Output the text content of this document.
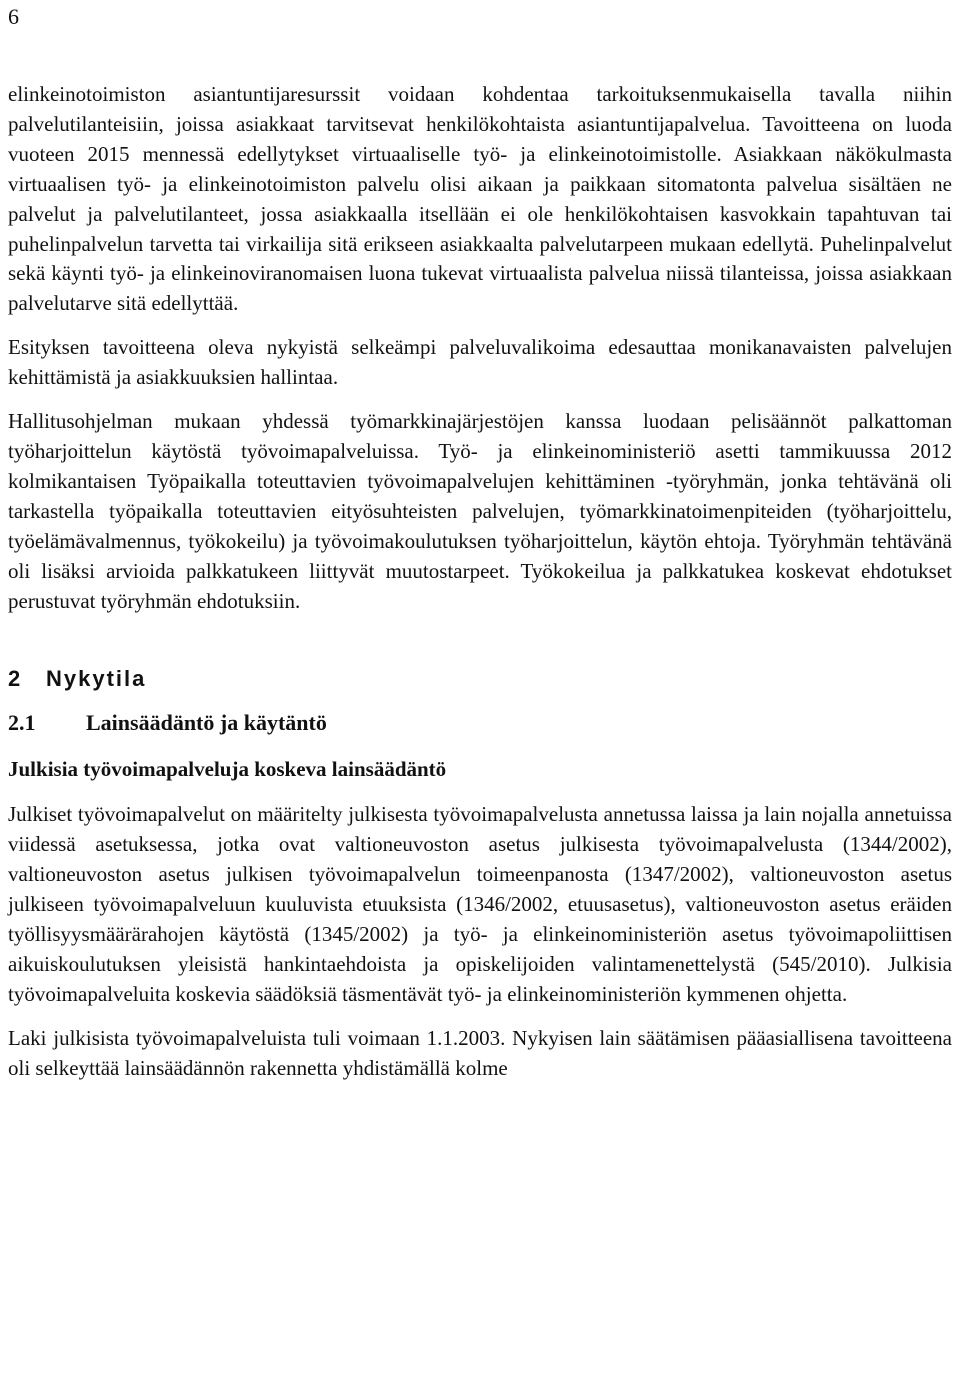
6

elinkeinotoimiston asiantuntijaresurssit voidaan kohdentaa tarkoituksenmukaisella tavalla niihin palvelutilanteisiin, joissa asiakkaat tarvitsevat henkilökohtaista asiantuntijapalvelua. Tavoitteena on luoda vuoteen 2015 mennessä edellytykset virtuaaliselle työ- ja elinkeinotoimistolle. Asiakkaan näkökulmasta virtuaalisen työ- ja elinkeinotoimiston palvelu olisi aikaan ja paikkaan sitomatonta palvelua sisältäen ne palvelut ja palvelutilanteet, jossa asiakkaalla itsellään ei ole henkilökohtaisen kasvokkain tapahtuvan tai puhelinpalvelun tarvetta tai virkailija sitä erikseen asiakkaalta palvelutarpeen mukaan edellytä. Puhelinpalvelut sekä käynti työ- ja elinkeinoviranomaisen luona tukevat virtuaalista palvelua niissä tilanteissa, joissa asiakkaan palvelutarve sitä edellyttää.

Esityksen tavoitteena oleva nykyistä selkeämpi palveluvalikoima edesauttaa monikanavaisten palvelujen kehittämistä ja asiakkuuksien hallintaa.

Hallitusohjelman mukaan yhdessä työmarkkinajärjestöjen kanssa luodaan pelisäännöt palkattoman työharjoittelun käytöstä työvoimapalveluissa. Työ- ja elinkeinoministeriö asetti tammikuussa 2012 kolmikantaisen Työpaikalla toteuttavien työvoimapalvelujen kehittäminen -työryhmän, jonka tehtävänä oli tarkastella työpaikalla toteuttavien eityösuhteisten palvelujen, työmarkkinatoimenpiteiden (työharjoittelu, työelämävalmennus, työkokeilu) ja työvoimakoulutuksen työharjoittelun, käytön ehtoja. Työryhmän tehtävänä oli lisäksi arvioida palkkatukeen liittyvät muutostarpeet. Työkokeilua ja palkkatukea koskevat ehdotukset perustuvat työryhmän ehdotuksiin.

2	Nykytila
2.1	Lainsäädäntö ja käytäntö
Julkisia työvoimapalveluja koskeva lainsäädäntö

Julkiset työvoimapalvelut on määritelty julkisesta työvoimapalvelusta annetussa laissa ja lain nojalla annetuissa viidessä asetuksessa, jotka ovat valtioneuvoston asetus julkisesta työvoimapalvelusta (1344/2002), valtioneuvoston asetus julkisen työvoimapalvelun toimeenpanosta (1347/2002), valtioneuvoston asetus julkiseen työvoimapalveluun kuuluvista etuuksista (1346/2002, etuusasetus), valtioneuvoston asetus eräiden työllisyysmäärärahojen käytöstä (1345/2002) ja työ- ja elinkeinoministeriön asetus työvoimapoliittisen aikuiskoulutuksen yleisistä hankintaehdoista ja opiskelijoiden valintamenettelystä (545/2010). Julkisia työvoimapalveluita koskevia säädöksiä täsmentävät työ- ja elinkeinoministeriön kymmenen ohjetta.

Laki julkisista työvoimapalveluista tuli voimaan 1.1.2003. Nykyisen lain säätämisen pääasiallisena tavoitteena oli selkeyttää lainsäädännön rakennetta yhdistämällä kolme
